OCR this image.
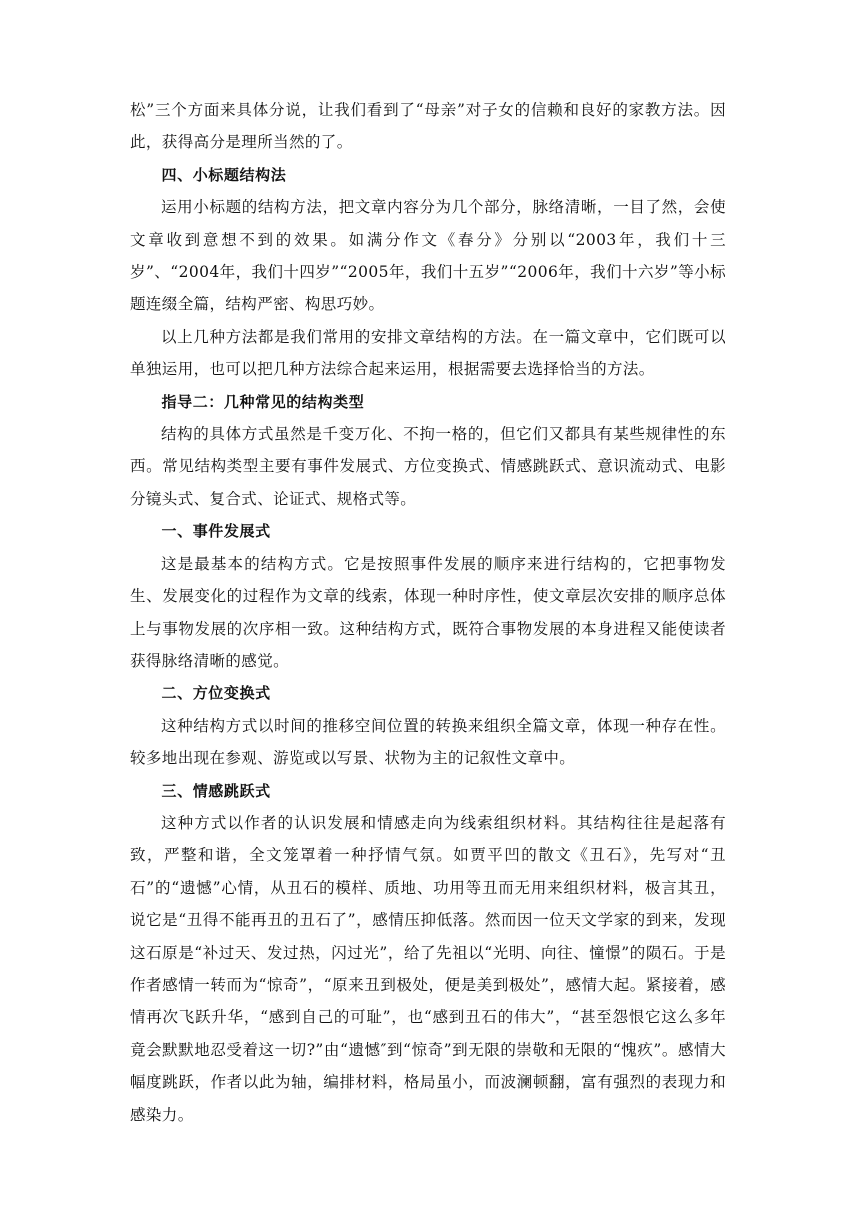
松”三个方面来具体分说，让我们看到了“母亲”对子女的信赖和良好的家教方法。因此，获得高分是理所当然的了。

四、小标题结构法

运用小标题的结构方法，把文章内容分为几个部分，脉络清晰，一目了然，会使文章收到意想不到的效果。如满分作文《春分》分别以“2003年，我们十三岁”、“2004年，我们十四岁”“2005年，我们十五岁”“2006年，我们十六岁”等小标题连缀全篇，结构严密、构思巧妙。

以上几种方法都是我们常用的安排文章结构的方法。在一篇文章中，它们既可以单独运用，也可以把几种方法综合起来运用，根据需要去选择恰当的方法。

指导二：几种常见的结构类型

结构的具体方式虽然是千变万化、不拘一格的，但它们又都具有某些规律性的东西。常见结构类型主要有事件发展式、方位变换式、情感跳跃式、意识流动式、电影分镜头式、复合式、论证式、规格式等。

一、事件发展式

这是最基本的结构方式。它是按照事件发展的顺序来进行结构的，它把事物发生、发展变化的过程作为文章的线索，体现一种时序性，使文章层次安排的顺序总体上与事物发展的次序相一致。这种结构方式，既符合事物发展的本身进程又能使读者获得脉络清晰的感觉。

二、方位变换式

这种结构方式以时间的推移空间位置的转换来组织全篇文章，体现一种存在性。较多地出现在参观、游览或以写景、状物为主的记叙性文章中。

三、情感跳跃式

这种方式以作者的认识发展和情感走向为线索组织材料。其结构往往是起落有致，严整和谐，全文笼罩着一种抒情气氛。如贾平凹的散文《丑石》，先写对“丑石”的“遗憾”心情，从丑石的模样、质地、功用等丑而无用来组织材料，极言其丑，说它是“丑得不能再丑的丑石了”，感情压抑低落。然而因一位天文学家的到来，发现这石原是“补过天、发过热，闪过光”，给了先祖以“光明、向往、憧憬”的陨石。于是作者感情一转而为“惊奇”，“原来丑到极处，便是美到极处”，感情大起。紧接着，感情再次飞跃升华，“感到自己的可耻”，也“感到丑石的伟大”，“甚至怨恨它这么多年竟会默默地忍受着这一切?”由“遗憾″到“惊奇”到无限的崇敬和无限的“愧疚”。感情大幅度跳跃，作者以此为轴，编排材料，格局虽小，而波澜顿翻，富有强烈的表现力和感染力。
